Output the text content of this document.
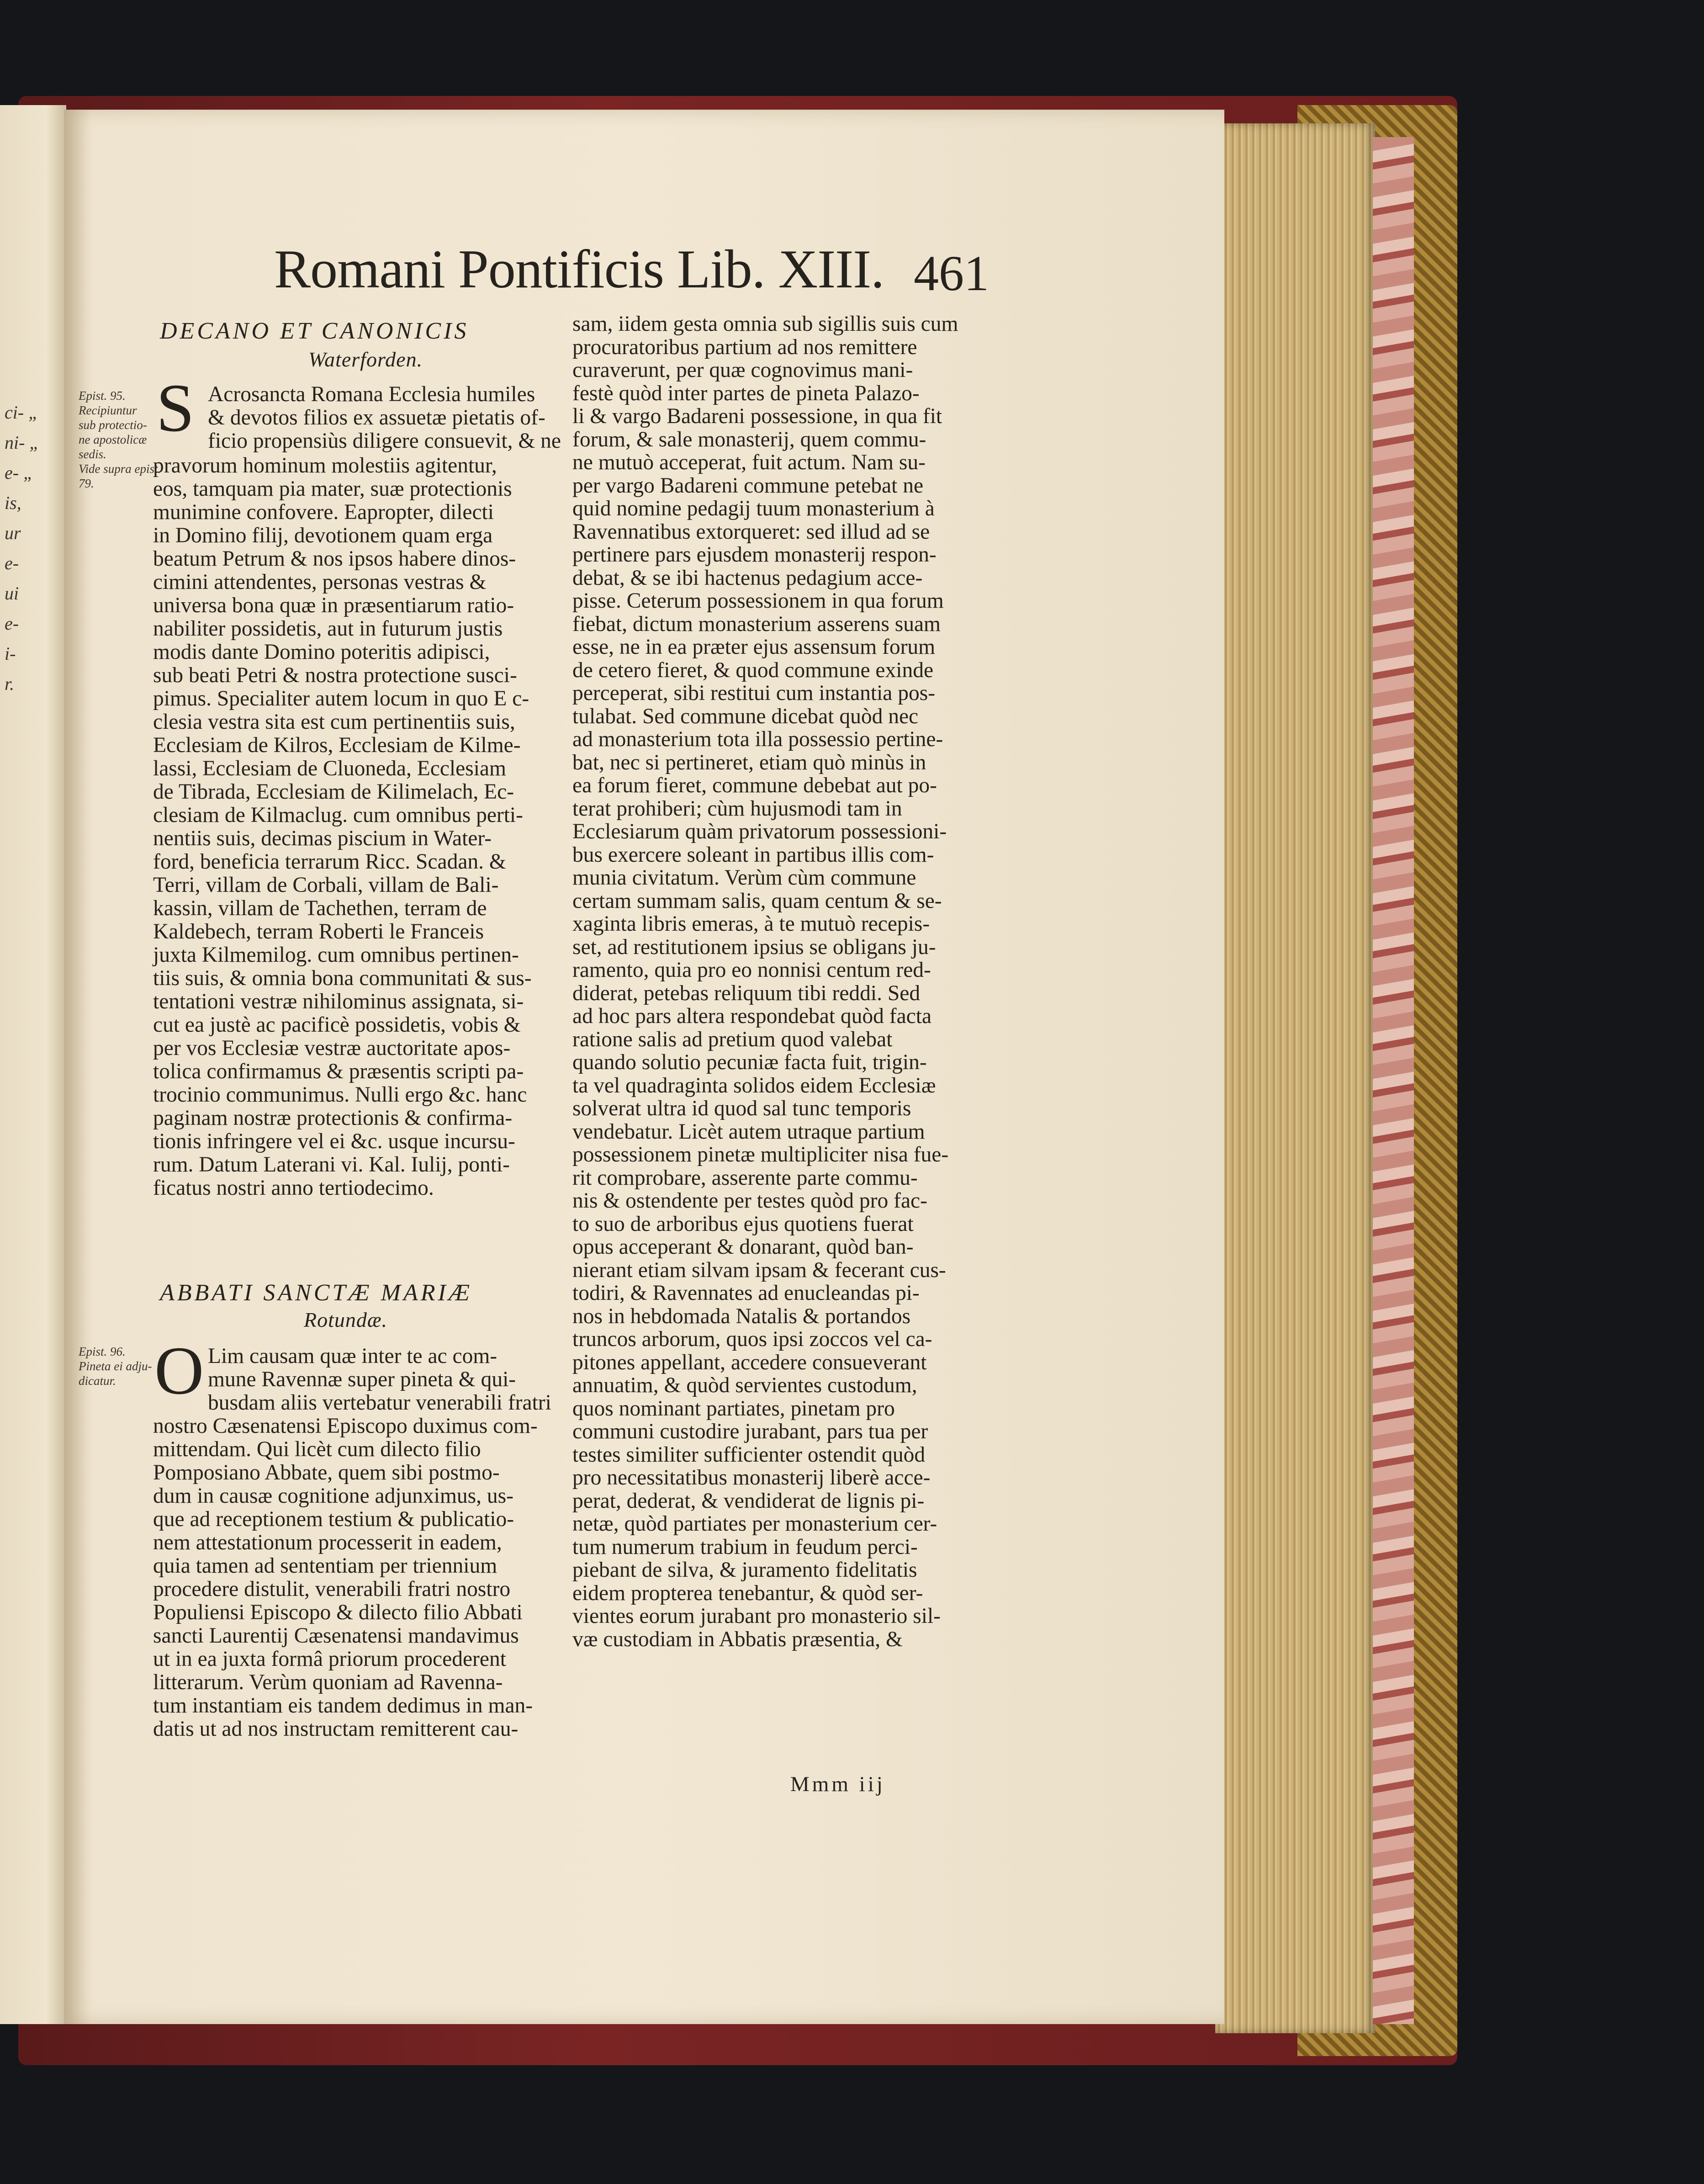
ci- „
ni- „
e- „
is,
ur
e-
ui
e-
i-
r.
Romani Pontificis Lib. XIII. 461
DECANO ET CANONICIS
Waterforden.
Epist. 95.
Recipiuntur
sub protectio-
ne apostolicæ
sedis.
Vide supra epist.
79.
S Acrosancta Romana Ecclesia humiles
& devotos filios ex assuetæ pietatis of-
ficio propensiùs diligere consuevit, & ne
pravorum hominum molestiis agitentur,
eos, tamquam pia mater, suæ protectionis
munimine confovere. Eapropter, dilecti
in Domino filij, devotionem quam erga
beatum Petrum & nos ipsos habere dinos-
cimini attendentes, personas vestras &
universa bona quæ in præsentiarum ratio-
nabiliter possidetis, aut in futurum justis
modis dante Domino poteritis adipisci,
sub beati Petri & nostra protectione susci-
pimus. Specialiter autem locum in quo E c-
clesia vestra sita est cum pertinentiis suis,
Ecclesiam de Kilros, Ecclesiam de Kilme-
lassi, Ecclesiam de Cluoneda, Ecclesiam
de Tibrada, Ecclesiam de Kilimelach, Ec-
clesiam de Kilmaclug. cum omnibus perti-
nentiis suis, decimas piscium in Water-
ford, beneficia terrarum Ricc. Scadan. &
Terri, villam de Corbali, villam de Bali-
kassin, villam de Tachethen, terram de
Kaldebech, terram Roberti le Franceis
juxta Kilmemilog. cum omnibus pertinen-
tiis suis, & omnia bona communitati & sus-
tentationi vestræ nihilominus assignata, si-
cut ea justè ac pacificè possidetis, vobis &
per vos Ecclesiæ vestræ auctoritate apos-
tolica confirmamus & præsentis scripti pa-
trocinio communimus. Nulli ergo &c. hanc
paginam nostræ protectionis & confirma-
tionis infringere vel ei &c. usque incursu-
rum. Datum Laterani vi. Kal. Iulij, ponti-
ficatus nostri anno tertiodecimo.
ABBATI SANCTÆ MARIÆ
Rotundæ.
Epist. 96.
Pineta ei adju-
dicatur. O Lim causam quæ inter te ac com-
mune Ravennæ super pineta & qui-
busdam aliis vertebatur venerabili fratri
nostro Cæsenatensi Episcopo duximus com-
mittendam. Qui licèt cum dilecto filio
Pomposiano Abbate, quem sibi postmo-
dum in causæ cognitione adjunximus, us-
que ad receptionem testium & publicatio-
nem attestationum processerit in eadem,
quia tamen ad sententiam per triennium
procedere distulit, venerabili fratri nostro
Populiensi Episcopo & dilecto filio Abbati
sancti Laurentij Cæsenatensi mandavimus
ut in ea juxta formâ priorum procederent
litterarum. Verùm quoniam ad Ravenna-
tum instantiam eis tandem dedimus in man-
datis ut ad nos instructam remitterent cau-
sam, iidem gesta omnia sub sigillis suis cum
procuratoribus partium ad nos remittere
curaverunt, per quæ cognovimus mani-
festè quòd inter partes de pineta Palazo-
li & vargo Badareni possessione, in qua fit
forum, & sale monasterij, quem commu-
ne mutuò acceperat, fuit actum. Nam su-
per vargo Badareni commune petebat ne
quid nomine pedagij tuum monasterium à
Ravennatibus extorqueret: sed illud ad se
pertinere pars ejusdem monasterij respon-
debat, & se ibi hactenus pedagium acce-
pisse. Ceterum possessionem in qua forum
fiebat, dictum monasterium asserens suam
esse, ne in ea præter ejus assensum forum
de cetero fieret, & quod commune exinde
perceperat, sibi restitui cum instantia pos-
tulabat. Sed commune dicebat quòd nec
ad monasterium tota illa possessio pertine-
bat, nec si pertineret, etiam quò minùs in
ea forum fieret, commune debebat aut po-
terat prohiberi; cùm hujusmodi tam in
Ecclesiarum quàm privatorum possessioni-
bus exercere soleant in partibus illis com-
munia civitatum. Verùm cùm commune
certam summam salis, quam centum & se-
xaginta libris emeras, à te mutuò recepis-
set, ad restitutionem ipsius se obligans ju-
ramento, quia pro eo nonnisi centum red-
diderat, petebas reliquum tibi reddi. Sed
ad hoc pars altera respondebat quòd facta
ratione salis ad pretium quod valebat
quando solutio pecuniæ facta fuit, trigin-
ta vel quadraginta solidos eidem Ecclesiæ
solverat ultra id quod sal tunc temporis
vendebatur. Licèt autem utraque partium
possessionem pinetæ multipliciter nisa fue-
rit comprobare, asserente parte commu-
nis & ostendente per testes quòd pro fac-
to suo de arboribus ejus quotiens fuerat
opus acceperant & donarant, quòd ban-
nierant etiam silvam ipsam & fecerant cus-
todiri, & Ravennates ad enucleandas pi-
nos in hebdomada Natalis & portandos
truncos arborum, quos ipsi zoccos vel ca-
pitones appellant, accedere consueverant
annuatim, & quòd servientes custodum,
quos nominant partiates, pinetam pro
communi custodire jurabant, pars tua per
testes similiter sufficienter ostendit quòd
pro necessitatibus monasterij liberè acce-
perat, dederat, & vendiderat de lignis pi-
netæ, quòd partiates per monasterium cer-
tum numerum trabium in feudum perci-
piebant de silva, & juramento fidelitatis
eidem propterea tenebantur, & quòd ser-
vientes eorum jurabant pro monasterio sil-
væ custodiam in Abbatis præsentia, &
Mmm iij
